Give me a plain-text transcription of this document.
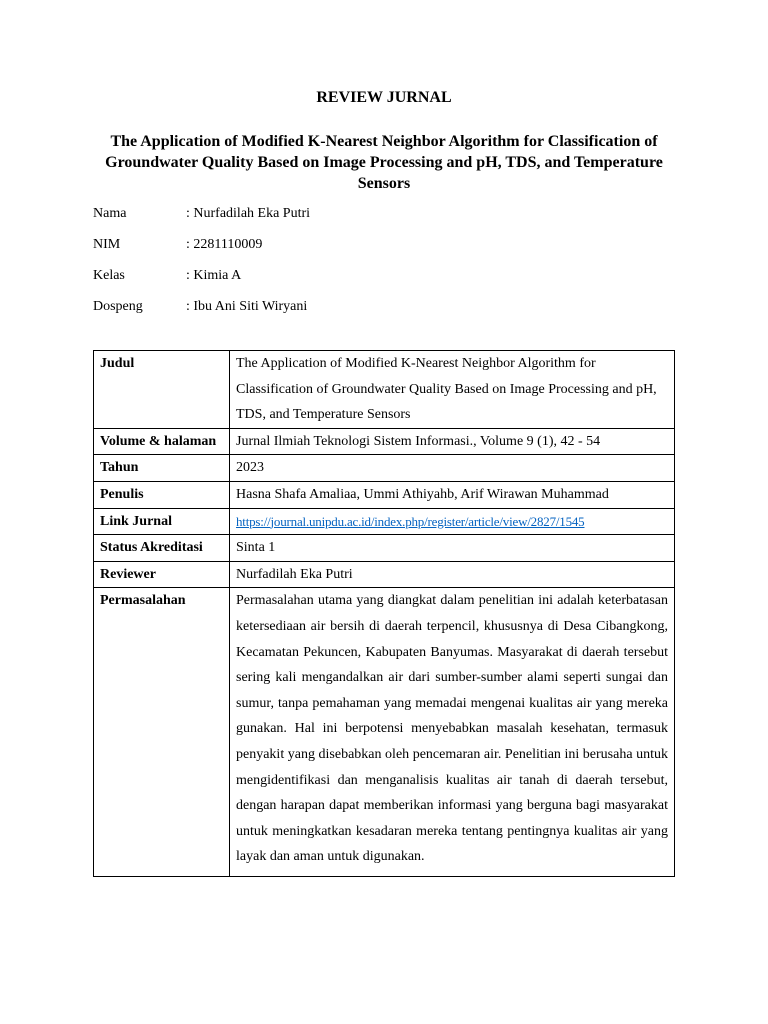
REVIEW JURNAL
The Application of Modified K-Nearest Neighbor Algorithm for Classification of Groundwater Quality Based on Image Processing and pH, TDS, and Temperature Sensors
Nama	: Nurfadilah Eka Putri
NIM	: 2281110009
Kelas	: Kimia A
Dospeng	: Ibu Ani Siti Wiryani
Judul	The Application of Modified K-Nearest Neighbor Algorithm for Classification of Groundwater Quality Based on Image Processing and pH, TDS, and Temperature Sensors
Volume & halaman	Jurnal Ilmiah Teknologi Sistem Informasi., Volume 9 (1), 42 - 54
Tahun	2023
Penulis	Hasna Shafa Amaliaa, Ummi Athiyahb, Arif Wirawan Muhammad
Link Jurnal	https://journal.unipdu.ac.id/index.php/register/article/view/2827/1545
Status Akreditasi	Sinta 1
Reviewer	Nurfadilah Eka Putri
Permasalahan	Permasalahan utama yang diangkat dalam penelitian ini adalah keterbatasan ketersediaan air bersih di daerah terpencil, khususnya di Desa Cibangkong, Kecamatan Pekuncen, Kabupaten Banyumas. Masyarakat di daerah tersebut sering kali mengandalkan air dari sumber-sumber alami seperti sungai dan sumur, tanpa pemahaman yang memadai mengenai kualitas air yang mereka gunakan. Hal ini berpotensi menyebabkan masalah kesehatan, termasuk penyakit yang disebabkan oleh pencemaran air. Penelitian ini berusaha untuk mengidentifikasi dan menganalisis kualitas air tanah di daerah tersebut, dengan harapan dapat memberikan informasi yang berguna bagi masyarakat untuk meningkatkan kesadaran mereka tentang pentingnya kualitas air yang layak dan aman untuk digunakan.
